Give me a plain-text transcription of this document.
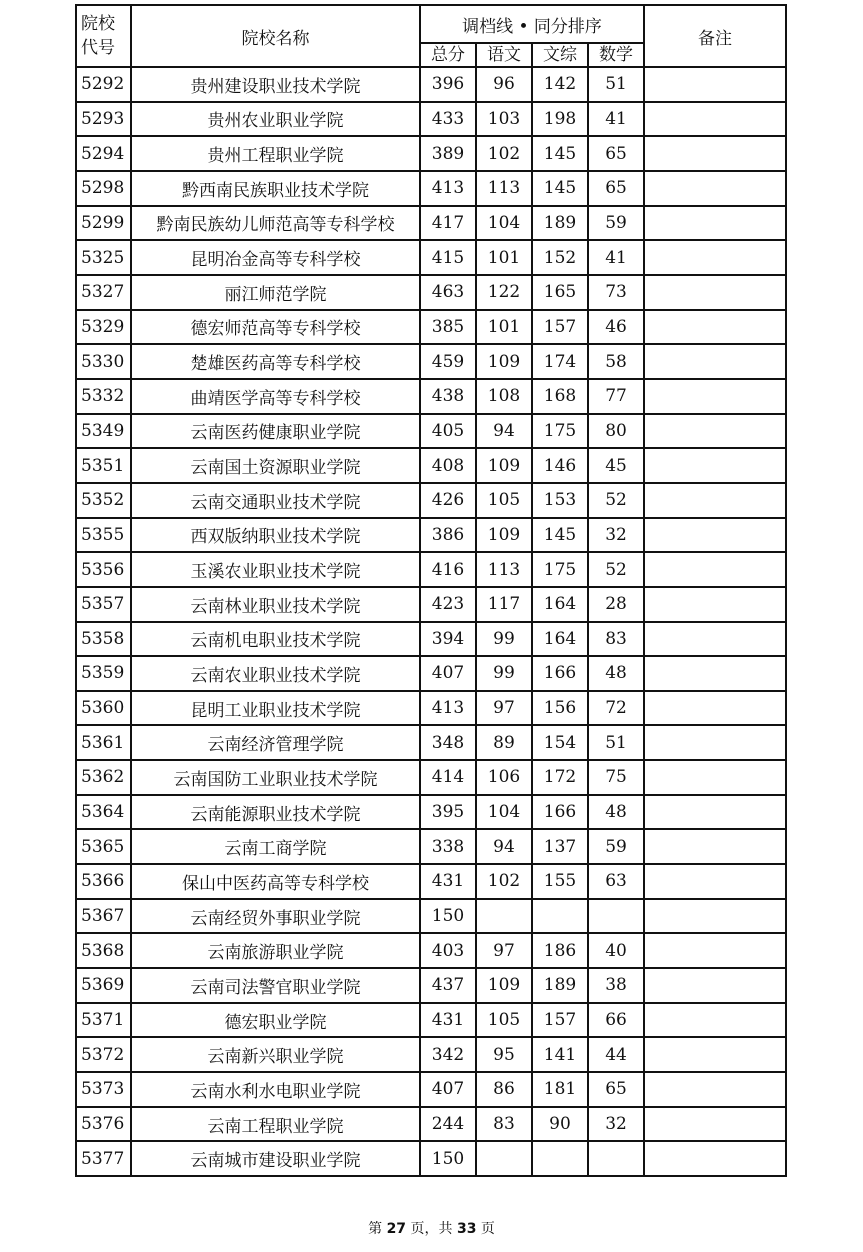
院校代号	院校名称	调档线 • 同分排序				备注
		总分	语文	文综	数学	
5292	贵州建设职业技术学院	396	96	142	51	
5293	贵州农业职业学院	433	103	198	41	
5294	贵州工程职业学院	389	102	145	65	
5298	黔西南民族职业技术学院	413	113	145	65	
5299	黔南民族幼儿师范高等专科学校	417	104	189	59	
5325	昆明冶金高等专科学校	415	101	152	41	
5327	丽江师范学院	463	122	165	73	
5329	德宏师范高等专科学校	385	101	157	46	
5330	楚雄医药高等专科学校	459	109	174	58	
5332	曲靖医学高等专科学校	438	108	168	77	
5349	云南医药健康职业学院	405	94	175	80	
5351	云南国土资源职业学院	408	109	146	45	
5352	云南交通职业技术学院	426	105	153	52	
5355	西双版纳职业技术学院	386	109	145	32	
5356	玉溪农业职业技术学院	416	113	175	52	
5357	云南林业职业技术学院	423	117	164	28	
5358	云南机电职业技术学院	394	99	164	83	
5359	云南农业职业技术学院	407	99	166	48	
5360	昆明工业职业技术学院	413	97	156	72	
5361	云南经济管理学院	348	89	154	51	
5362	云南国防工业职业技术学院	414	106	172	75	
5364	云南能源职业技术学院	395	104	166	48	
5365	云南工商学院	338	94	137	59	
5366	保山中医药高等专科学校	431	102	155	63	
5367	云南经贸外事职业学院	150				
5368	云南旅游职业学院	403	97	186	40	
5369	云南司法警官职业学院	437	109	189	38	
5371	德宏职业学院	431	105	157	66	
5372	云南新兴职业学院	342	95	141	44	
5373	云南水利水电职业学院	407	86	181	65	
5376	云南工程职业学院	244	83	90	32	
5377	云南城市建设职业学院	150				
第 27 页，共 33 页
